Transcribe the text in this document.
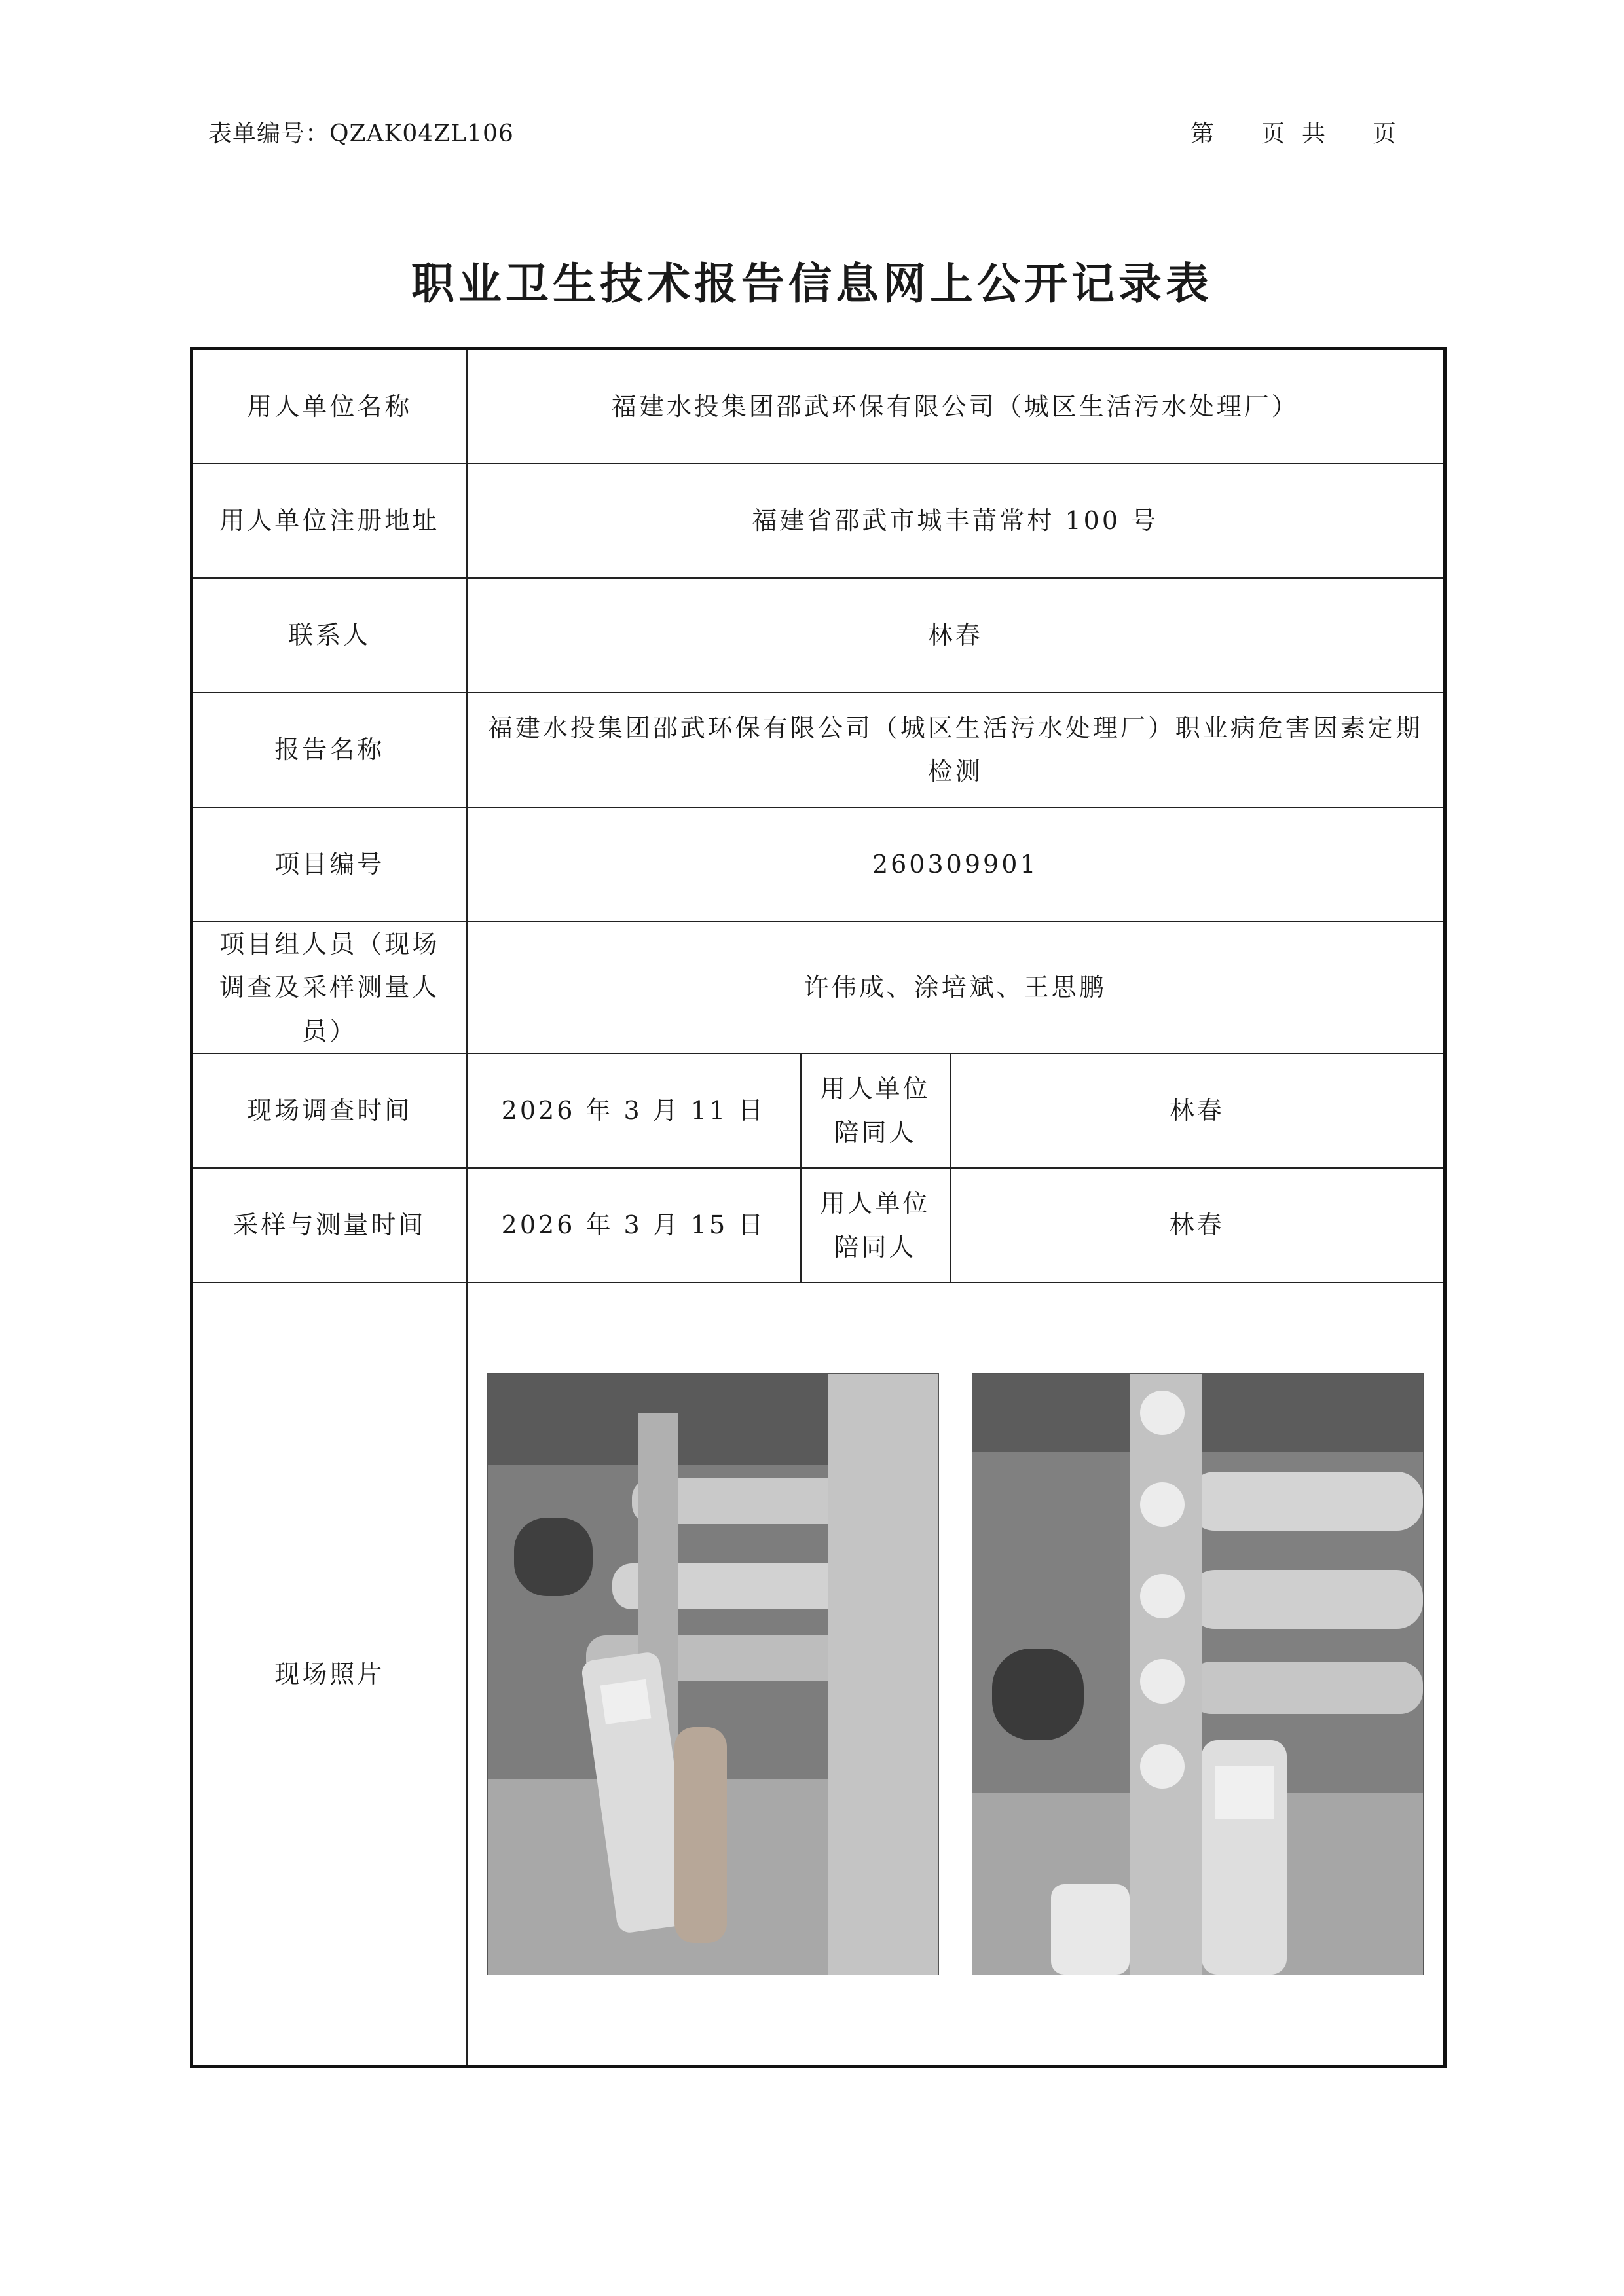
表单编号：QZAK04ZL106	第 页 共 页
职业卫生技术报告信息网上公开记录表
用人单位名称	福建水投集团邵武环保有限公司（城区生活污水处理厂）		
用人单位注册地址	福建省邵武市城丰莆常村 100 号		
联系人	林春		
报告名称	福建水投集团邵武环保有限公司（城区生活污水处理厂）职业病危害因素定期检测		
项目编号	260309901		
项目组人员（现场调查及采样测量人员）	许伟成、涂培斌、王思鹏		
现场调查时间	2026 年 3 月 11 日	用人单位陪同人	林春
采样与测量时间	2026 年 3 月 15 日	用人单位陪同人	林春
现场照片	
